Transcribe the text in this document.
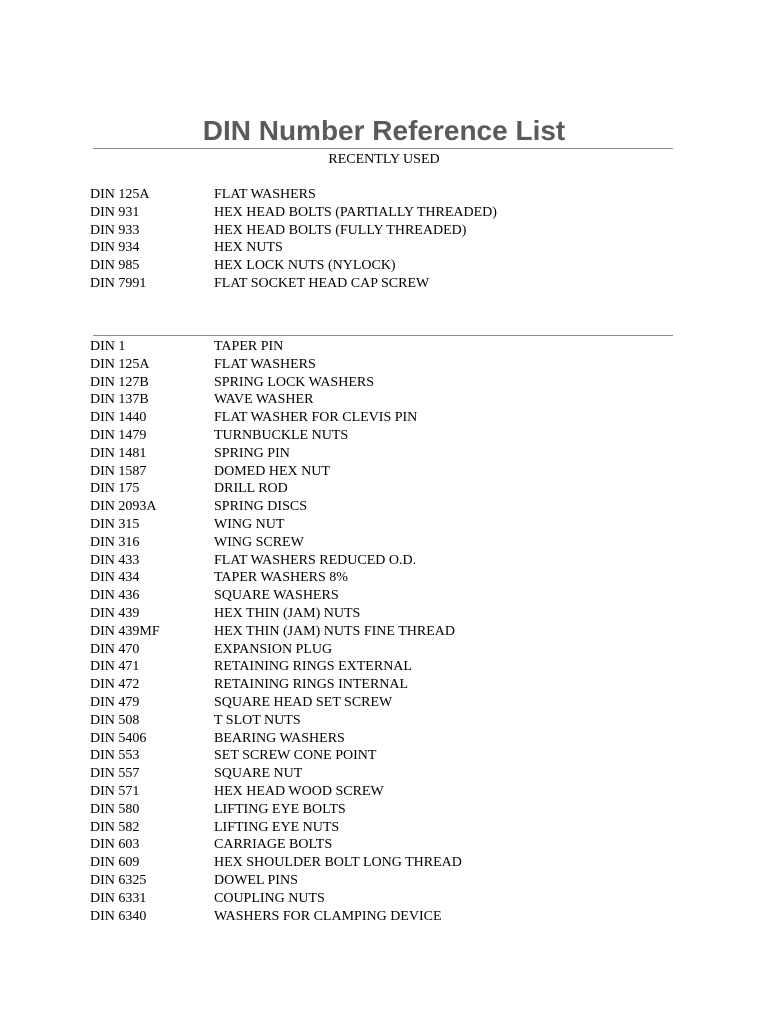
DIN Number Reference List
RECENTLY USED
DIN 125A	FLAT WASHERS
DIN 931	HEX HEAD BOLTS (PARTIALLY THREADED)
DIN 933	HEX HEAD BOLTS (FULLY THREADED)
DIN 934	HEX NUTS
DIN 985	HEX LOCK NUTS (NYLOCK)
DIN 7991	FLAT SOCKET HEAD CAP SCREW
DIN 1	TAPER PIN
DIN 125A	FLAT WASHERS
DIN 127B	SPRING LOCK WASHERS
DIN 137B	WAVE WASHER
DIN 1440	FLAT WASHER FOR CLEVIS PIN
DIN 1479	TURNBUCKLE NUTS
DIN 1481	SPRING PIN
DIN 1587	DOMED HEX NUT
DIN 175	DRILL ROD
DIN 2093A	SPRING DISCS
DIN 315	WING NUT
DIN 316	WING SCREW
DIN 433	FLAT WASHERS REDUCED O.D.
DIN 434	TAPER WASHERS 8%
DIN 436	SQUARE WASHERS
DIN 439	HEX THIN (JAM) NUTS
DIN 439MF	HEX THIN (JAM) NUTS FINE THREAD
DIN 470	EXPANSION PLUG
DIN 471	RETAINING RINGS EXTERNAL
DIN 472	RETAINING RINGS INTERNAL
DIN 479	SQUARE HEAD SET SCREW
DIN 508	T SLOT NUTS
DIN 5406	BEARING WASHERS
DIN 553	SET SCREW CONE POINT
DIN 557	SQUARE NUT
DIN 571	HEX HEAD WOOD SCREW
DIN 580	LIFTING EYE BOLTS
DIN 582	LIFTING EYE NUTS
DIN 603	CARRIAGE BOLTS
DIN 609	HEX SHOULDER BOLT LONG THREAD
DIN 6325	DOWEL PINS
DIN 6331	COUPLING NUTS
DIN 6340	WASHERS FOR CLAMPING DEVICE
